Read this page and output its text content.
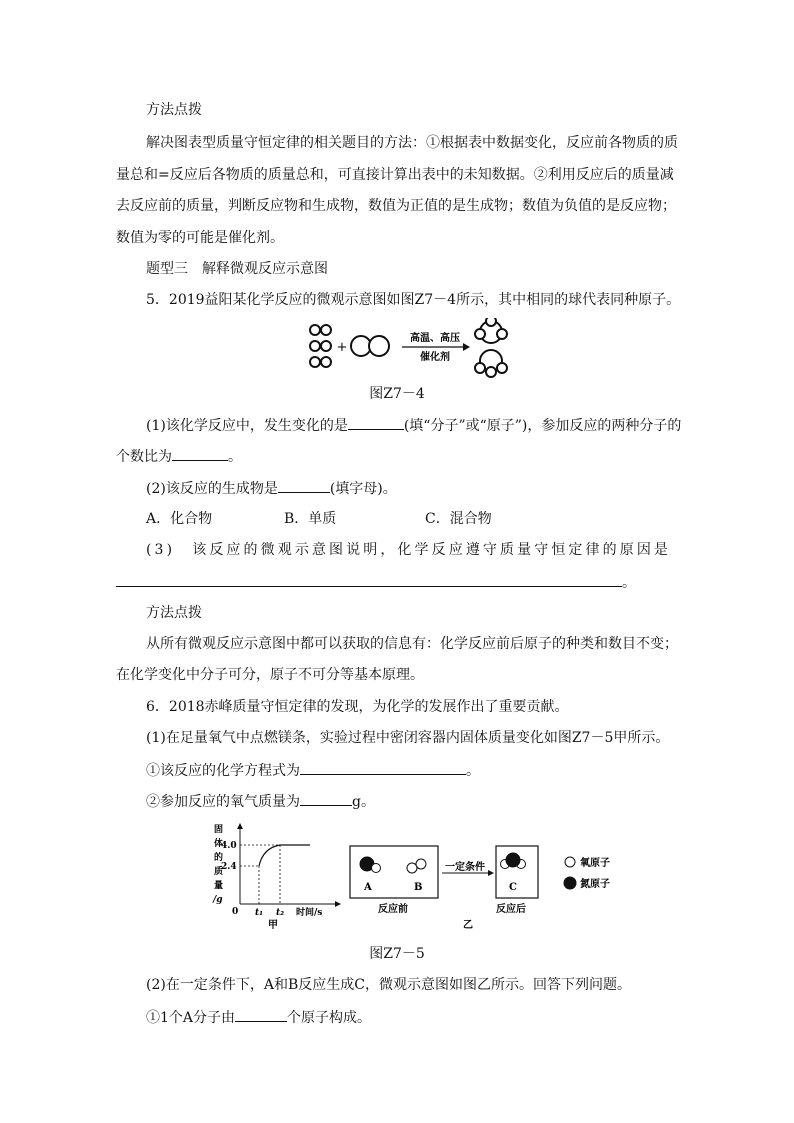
方法点拨
解决图表型质量守恒定律的相关题目的方法：①根据表中数据变化，反应前各物质的质
量总和=反应后各物质的质量总和，可直接计算出表中的未知数据。②利用反应后的质量减
去反应前的质量，判断反应物和生成物，数值为正值的是生成物；数值为负值的是反应物；
数值为零的可能是催化剂。
题型三　解释微观反应示意图
5．2019益阳某化学反应的微观示意图如图Z7－4所示，其中相同的球代表同种原子。
+
高温、高压
催化剂
图Z7－4
(1)该化学反应中，发生变化的是	(填“分子”或“原子”)，参加反应的两种分子的
个数比为	。
(2)该反应的生成物是	(填字母)。
A．化合物	B．单质	C．混合物
(3)　该反应的微观示意图说明，化学反应遵守质量守恒定律的原因是
。
方法点拨
从所有微观反应示意图中都可以获取的信息有：化学反应前后原子的种类和数目不变；
在化学变化中分子可分，原子不可分等基本原理。
6．2018赤峰质量守恒定律的发现，为化学的发展作出了重要贡献。
(1)在足量氧气中点燃镁条，实验过程中密闭容器内固体质量变化如图Z7－5甲所示。
①该反应的化学方程式为	。
②参加反应的氧气质量为	g。
固
体
的
质
量
/g
4.0
2.4
0 t₁ t₂ 时间/s
甲
A	B
反应前
一定条件
C
反应后
氧原子
氮原子
乙
图Z7－5
(2)在一定条件下，A和B反应生成C，微观示意图如图乙所示。回答下列问题。
①1个A分子由	个原子构成。
